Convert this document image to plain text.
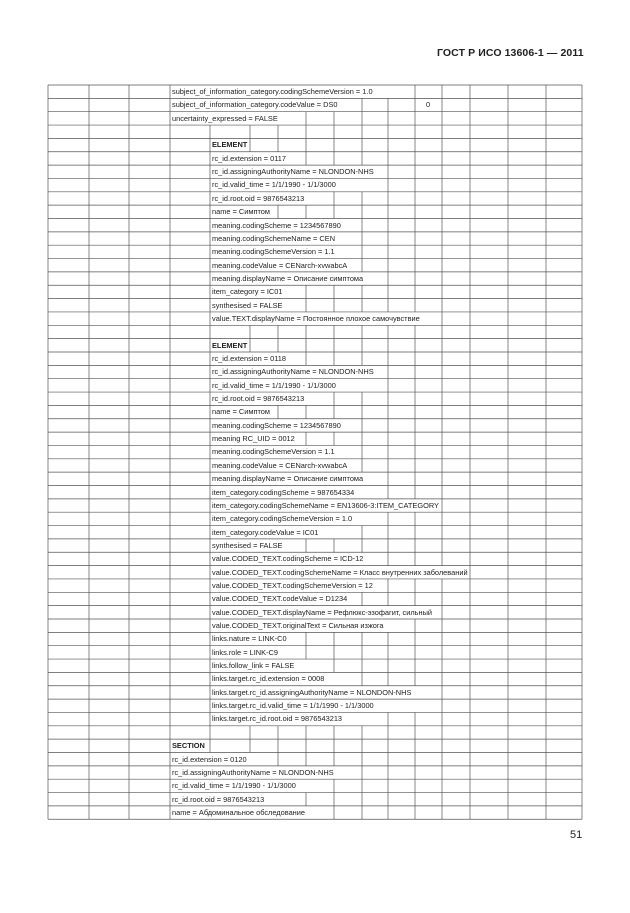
ГОСТ Р ИСО 13606-1 — 2011
subject_of_information_category.codingSchemeVersion = 1.0
subject_of_information_category.codeValue = DS0	0
uncertainty_expressed = FALSE
ELEMENT
rc_id.extension = 0117
rc_id.assigningAuthorityName = NLONDON-NHS
rc_id.valid_time = 1/1/1990 - 1/1/3000
rc_id.root.oid = 9876543213
name = Симптом
meaning.codingScheme = 1234567890
meaning.codingSchemeName = CEN
meaning.codingSchemeVersion = 1.1
meaning.codeValue = CENarch-xvwabcA
meaning.displayName = Описание симптома
item_category = IC01
synthesised = FALSE
value.TEXT.displayName = Постоянное плохое самочувствие
ELEMENT
rc_id.extension = 0118
rc_id.assigningAuthorityName = NLONDON-NHS
rc_id.valid_time = 1/1/1990 - 1/1/3000
rc_id.root.oid = 9876543213
name = Симптом
meaning.codingScheme = 1234567890
meaning RC_UID = 0012
meaning.codingSchemeVersion = 1.1
meaning.codeValue = CENarch-xvwabcA
meaning.displayName = Описание симптома
item_category.codingScheme = 987654334
item_category.codingSchemeName = EN13606-3:ITEM_CATEGORY
item_category.codingSchemeVersion = 1.0
item_category.codeValue = IC01
synthesised = FALSE
value.CODED_TEXT.codingScheme = ICD-12
value.CODED_TEXT.codingSchemeName = Класс внутренних заболеваний
value.CODED_TEXT.codingSchemeVersion = 12
value.CODED_TEXT.codeValue = D1234
value.CODED_TEXT.displayName = Рефлюкс-эзофагит, сильный
value.CODED_TEXT.originalText = Сильная изжога
links.nature = LINK-C0
links.role = LINK-C9
links.follow_link = FALSE
links.target.rc_id.extension = 0008
links.target.rc_id.assigningAuthorityName = NLONDON-NHS
links.target.rc_id.valid_time = 1/1/1990 - 1/1/3000
links.target.rc_id.root.oid = 9876543213
SECTION
rc_id.extension = 0120
rc_id.assigningAuthorityName = NLONDON-NHS
rc_id.valid_time = 1/1/1990 - 1/1/3000
rc_id.root.oid = 9876543213
name = Абдоминальное обследование
51
